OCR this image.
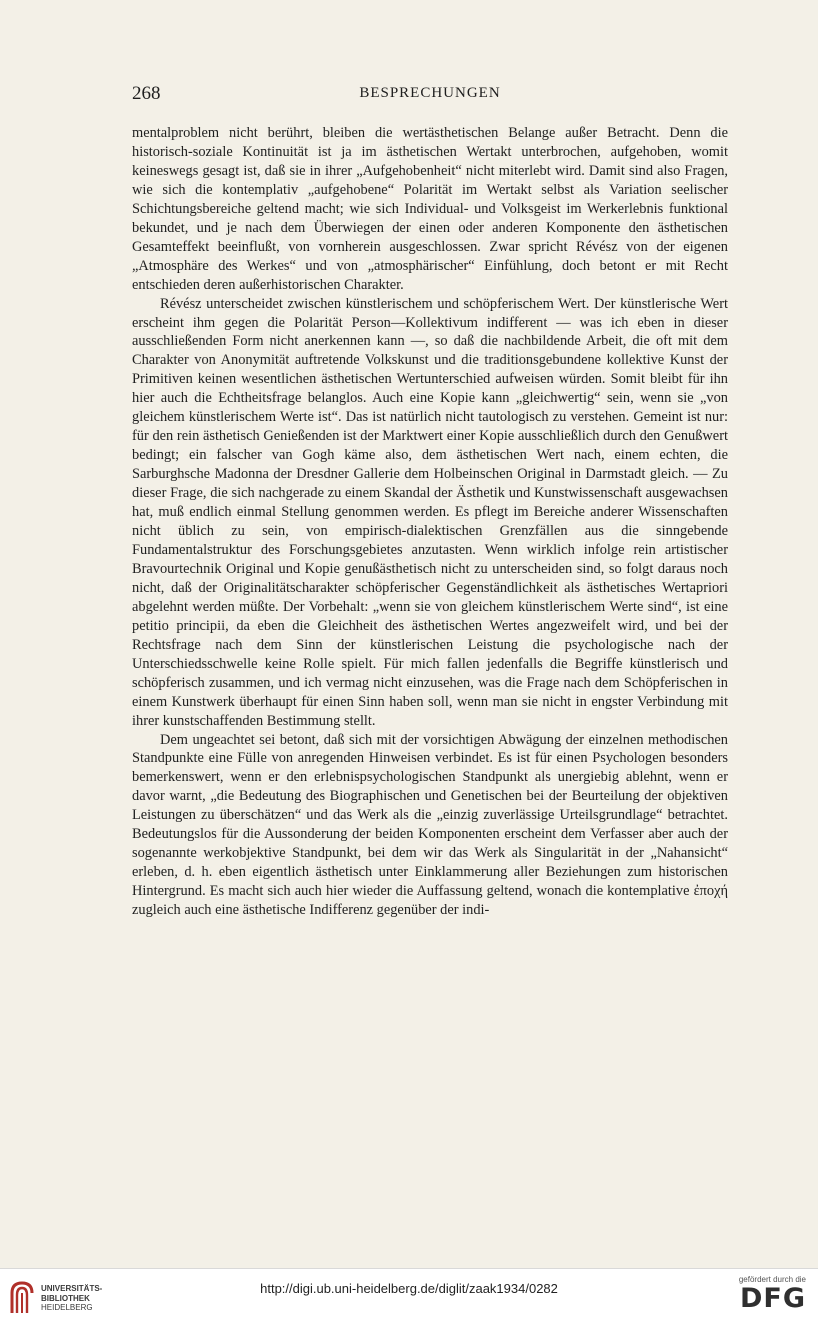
268	BESPRECHUNGEN

mentalproblem nicht berührt, bleiben die wertästhetischen Belange außer Betracht. Denn die historisch-soziale Kontinuität ist ja im ästhetischen Wertakt unterbrochen, aufgehoben, womit keineswegs gesagt ist, daß sie in ihrer „Aufgehobenheit“ nicht miterlebt wird. Damit sind also Fragen, wie sich die kontemplativ „aufgehobene“ Polarität im Wertakt selbst als Variation seelischer Schichtungsbereiche geltend macht; wie sich Individual- und Volksgeist im Werkerlebnis funktional bekundet, und je nach dem Überwiegen der einen oder anderen Komponente den ästhetischen Gesamteffekt beeinflußt, von vornherein ausgeschlossen. Zwar spricht Révész von der eigenen „Atmosphäre des Werkes“ und von „atmosphärischer“ Einfühlung, doch betont er mit Recht entschieden deren außerhistorischen Charakter.

Révész unterscheidet zwischen künstlerischem und schöpferischem Wert. Der künstlerische Wert erscheint ihm gegen die Polarität Person—Kollektivum indifferent — was ich eben in dieser ausschließenden Form nicht anerkennen kann —, so daß die nachbildende Arbeit, die oft mit dem Charakter von Anonymität auftretende Volkskunst und die traditionsgebundene kollektive Kunst der Primitiven keinen wesentlichen ästhetischen Wertunterschied aufweisen würden. Somit bleibt für ihn hier auch die Echtheitsfrage belanglos. Auch eine Kopie kann „gleichwertig“ sein, wenn sie „von gleichem künstlerischem Werte ist“. Das ist natürlich nicht tautologisch zu verstehen. Gemeint ist nur: für den rein ästhetisch Genießenden ist der Marktwert einer Kopie ausschließlich durch den Genußwert bedingt; ein falscher van Gogh käme also, dem ästhetischen Wert nach, einem echten, die Sarburghsche Madonna der Dresdner Gallerie dem Holbeinschen Original in Darmstadt gleich. — Zu dieser Frage, die sich nachgerade zu einem Skandal der Ästhetik und Kunstwissenschaft ausgewachsen hat, muß endlich einmal Stellung genommen werden. Es pflegt im Bereiche anderer Wissenschaften nicht üblich zu sein, von empirisch-dialektischen Grenzfällen aus die sinngebende Fundamentalstruktur des Forschungsgebietes anzutasten. Wenn wirklich infolge rein artistischer Bravourtechnik Original und Kopie genußästhetisch nicht zu unterscheiden sind, so folgt daraus noch nicht, daß der Originalitätscharakter schöpferischer Gegenständlichkeit als ästhetisches Wertapriori abgelehnt werden müßte. Der Vorbehalt: „wenn sie von gleichem künstlerischem Werte sind“, ist eine petitio principii, da eben die Gleichheit des ästhetischen Wertes angezweifelt wird, und bei der Rechtsfrage nach dem Sinn der künstlerischen Leistung die psychologische nach der Unterschiedsschwelle keine Rolle spielt. Für mich fallen jedenfalls die Begriffe künstlerisch und schöpferisch zusammen, und ich vermag nicht einzusehen, was die Frage nach dem Schöpferischen in einem Kunstwerk überhaupt für einen Sinn haben soll, wenn man sie nicht in engster Verbindung mit ihrer kunstschaffenden Bestimmung stellt.

Dem ungeachtet sei betont, daß sich mit der vorsichtigen Abwägung der einzelnen methodischen Standpunkte eine Fülle von anregenden Hinweisen verbindet. Es ist für einen Psychologen besonders bemerkenswert, wenn er den erlebnispsychologischen Standpunkt als unergiebig ablehnt, wenn er davor warnt, „die Bedeutung des Biographischen und Genetischen bei der Beurteilung der objektiven Leistungen zu überschätzen“ und das Werk als die „einzig zuverlässige Urteilsgrundlage“ betrachtet. Bedeutungslos für die Aussonderung der beiden Komponenten erscheint dem Verfasser aber auch der sogenannte werkobjektive Standpunkt, bei dem wir das Werk als Singularität in der „Nahansicht“ erleben, d. h. eben eigentlich ästhetisch unter Einklammerung aller Beziehungen zum historischen Hintergrund. Es macht sich auch hier wieder die Auffassung geltend, wonach die kontemplative ἐποχή zugleich auch eine ästhetische Indifferenz gegenüber der indi-

UNIVERSITÄTS-
BIBLIOTHEK
HEIDELBERG
http://digi.ub.uni-heidelberg.de/diglit/zaak1934/0282
gefördert durch die
DFG
